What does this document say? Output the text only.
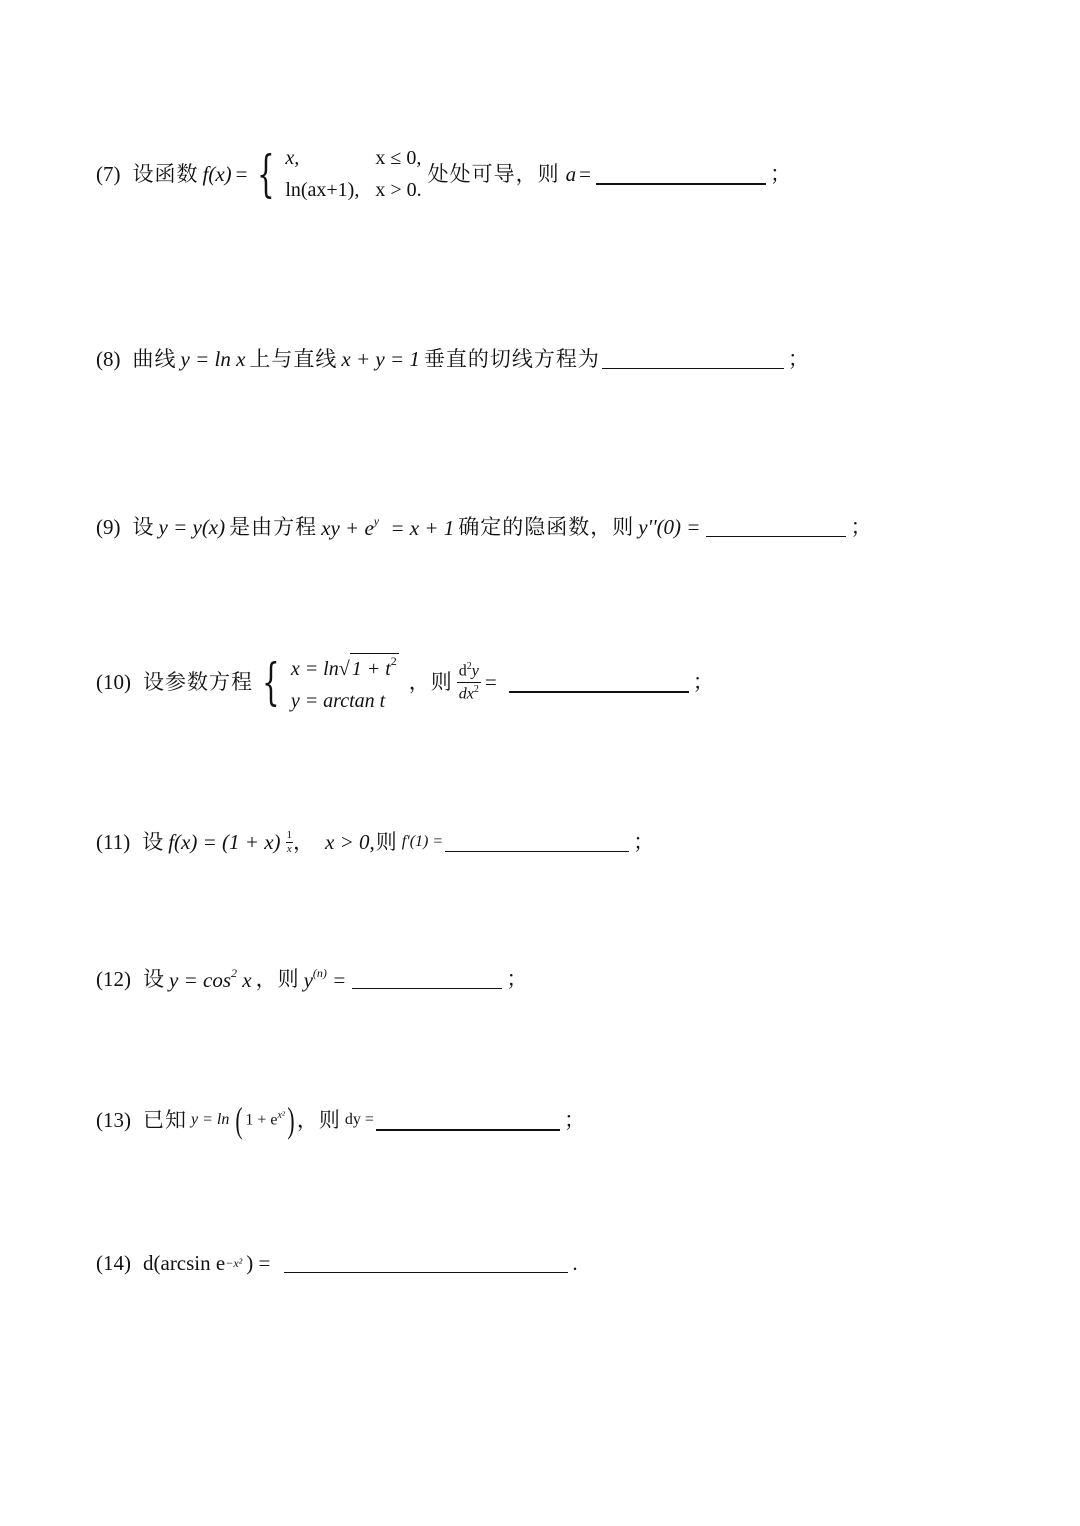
(7) 设函数 f(x) = { x,	x ≤ 0,
ln(ax+1), x > 0.
处处可导，则 a =	；
(8) 曲线 y = ln x 上与直线 x + y = 1 垂直的切线方程为	；
(9) 设 y = y(x) 是由方程 xy + $e^y = x + 1$ 确定的隐函数，则 y''(0) =	；
(10) 设参数方程 { x = ln √ $1 + t^2$
y = arctan t
，则 $\frac{d^2y}{dx^2}$ =	；
(11) 设 $f(x) = (1 + x) \frac{1}{x}$ ， x > 0 ,则 f′(1) =	；
(12) 设 $y = \cos^2 x$ ，则 $y^{(n)}$ =	；
(13) 已知 y = ln ( $1 + e^{x^2}$ ) ，则 dy =	；
(14) d(arcsin e −x² ) =	.
